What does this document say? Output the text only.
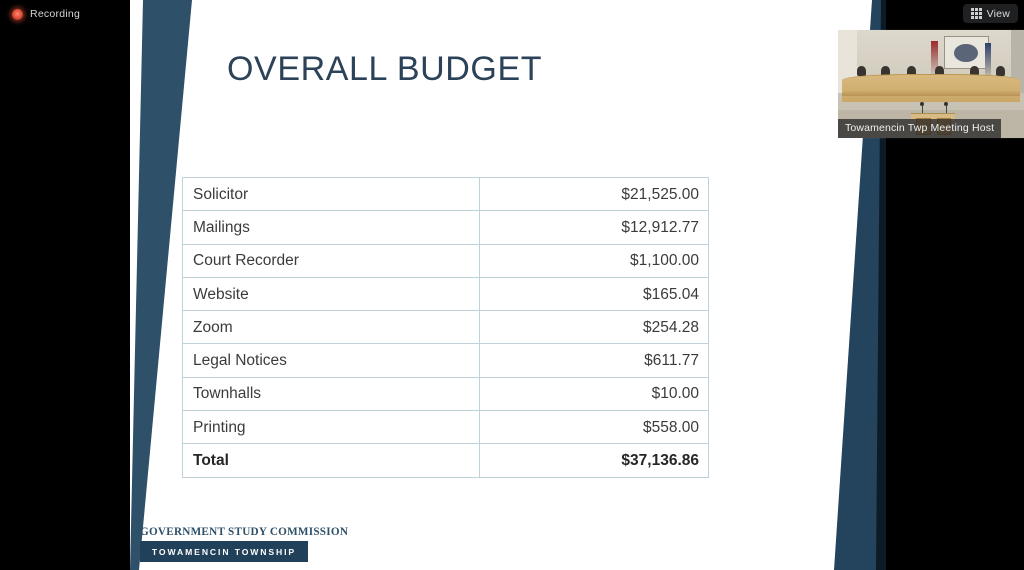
Recording	View
OVERALL BUDGET
Solicitor	$21,525.00
Mailings	$12,912.77
Court Recorder	$1,100.00
Website	$165.04
Zoom	$254.28
Legal Notices	$611.77
Townhalls	$10.00
Printing	$558.00
Total	$37,136.86
GOVERNMENT STUDY COMMISSION
TOWAMENCIN TOWNSHIP
Towamencin Twp Meeting Host
